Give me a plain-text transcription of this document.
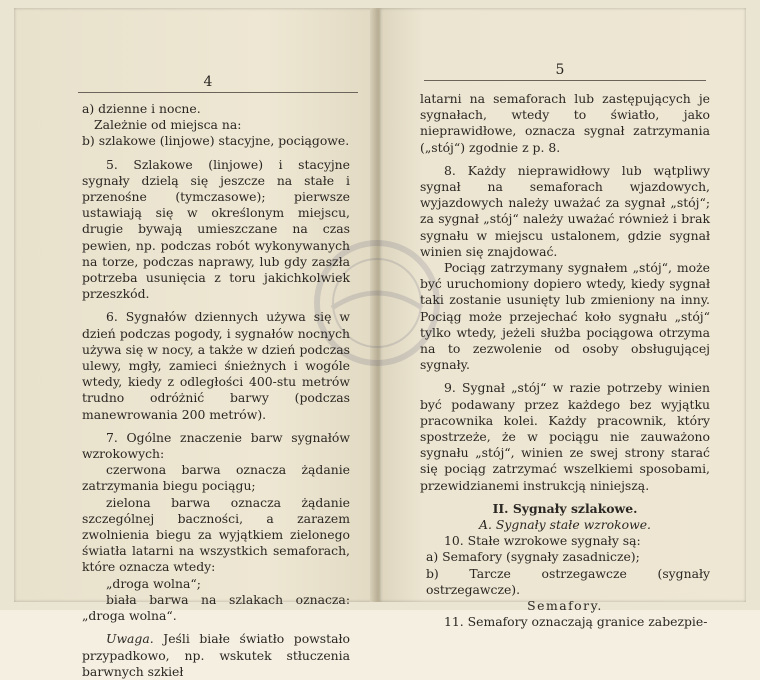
4
5

a) dzienne i nocne.

Zależnie od miejsca na:

b) szlakowe (linjowe) stacyjne, pociągowe.

5. Szlakowe (linjowe) i stacyjne sygnały dzielą się jeszcze na stałe i przenośne (tymczasowe); pierwsze ustawiają się w określonym miejscu, drugie bywają umieszczane na czas pewien, np. podczas robót wykonywanych na torze, podczas naprawy, lub gdy zaszła potrzeba usunięcia z toru jakichkolwiek przeszkód.

6. Sygnałów dziennych używa się w dzień podczas pogody, i sygnałów nocnych używa się w nocy, a także w dzień podczas ulewy, mgły, zamieci śnieżnych i wogóle wtedy, kiedy z odległości 400-stu metrów trudno odróżnić barwy (podczas manewrowania 200 metrów).

7. Ogólne znaczenie barw sygnałów wzrokowych:

czerwona barwa oznacza żądanie zatrzymania biegu pociągu;

zielona barwa oznacza żądanie szczególnej baczności, a zarazem zwolnienia biegu za wyjątkiem zielonego światła latarni na wszystkich semaforach, które oznacza wtedy:

„droga wolna“;

biała barwa na szlakach oznacza: „droga wolna“.

Uwaga. Jeśli białe światło powstało przypadkowo, np. wskutek stłuczenia barwnych szkieł

latarni na semaforach lub zastępujących je sygnałach, wtedy to światło, jako nieprawidłowe, oznacza sygnał zatrzymania („stój“) zgodnie z p. 8.

8. Każdy nieprawidłowy lub wątpliwy sygnał na semaforach wjazdowych, wyjazdowych należy uważać za sygnał „stój“; za sygnał „stój“ należy uważać również i brak sygnału w miejscu ustalonem, gdzie sygnał winien się znajdować.

Pociąg zatrzymany sygnałem „stój“, może być uruchomiony dopiero wtedy, kiedy sygnał taki zostanie usunięty lub zmieniony na inny. Pociąg może przejechać koło sygnału „stój“ tylko wtedy, jeżeli służba pociągowa otrzyma na to zezwolenie od osoby obsługującej sygnały.

9. Sygnał „stój“ w razie potrzeby winien być podawany przez każdego bez wyjątku pracownika kolei. Każdy pracownik, który spostrzeże, że w pociągu nie zauważono sygnału „stój“, winien ze swej strony starać się pociąg zatrzymać wszelkiemi sposobami, przewidzianemi instrukcją niniejszą.

II. Sygnały szlakowe.

A. Sygnały stałe wzrokowe.

10. Stałe wzrokowe sygnały są:

a) Semafory (sygnały zasadnicze);

b) Tarcze ostrzegawcze (sygnały ostrzegawcze).

Semafory.

11. Semafory oznaczają granice zabezpie-
